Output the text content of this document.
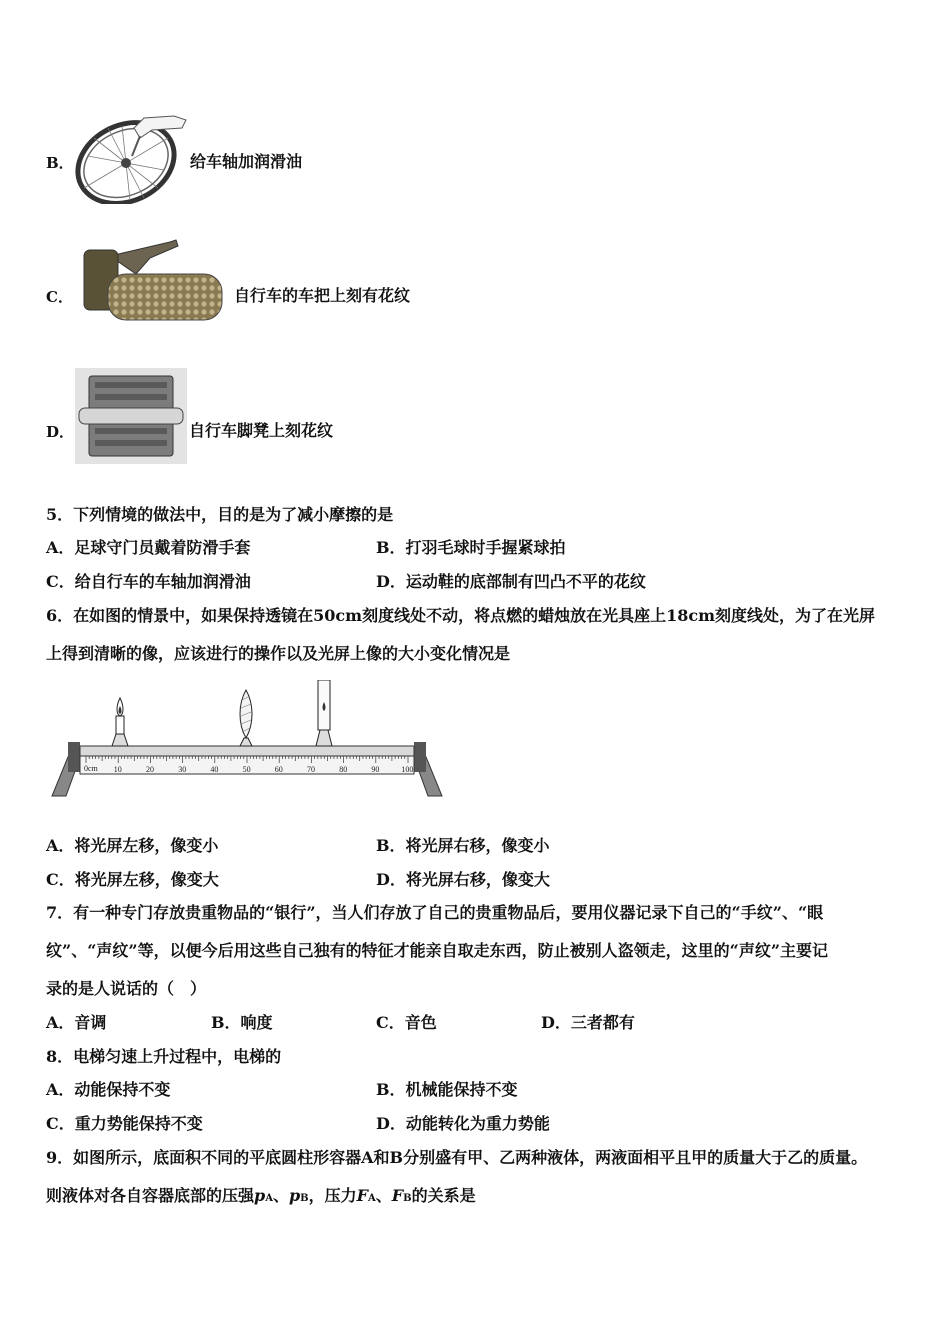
B．	给车轴加润滑油
C．	自行车的车把上刻有花纹
D．	自行车脚凳上刻花纹
5．下列情境的做法中，目的是为了减小摩擦的是
A．足球守门员戴着防滑手套	B．打羽毛球时手握紧球拍
C．给自行车的车轴加润滑油	D．运动鞋的底部制有凹凸不平的花纹
6．在如图的情景中，如果保持透镜在50cm刻度线处不动，将点燃的蜡烛放在光具座上18cm刻度线处，为了在光屏
上得到清晰的像，应该进行的操作以及光屏上像的大小变化情况是
0cm 10	20	30	40	50	60	70	80	90	100
A．将光屏左移，像变小	B．将光屏右移，像变小
C．将光屏左移，像变大	D．将光屏右移，像变大
7．有一种专门存放贵重物品的“银行”，当人们存放了自己的贵重物品后，要用仪器记录下自己的“手纹”、“眼
纹”、“声纹”等，以便今后用这些自己独有的特征才能亲自取走东西，防止被别人盗领走，这里的“声纹”主要记
录的是人说话的（　）
A．音调	B．响度	C．音色	D．三者都有
8．电梯匀速上升过程中，电梯的
A．动能保持不变	B．机械能保持不变
C．重力势能保持不变	D．动能转化为重力势能
9．如图所示，底面积不同的平底圆柱形容器A和B分别盛有甲、乙两种液体，两液面相平且甲的质量大于乙的质量。
则液体对各自容器底部的压强pA、pB，压力FA、FB的关系是
